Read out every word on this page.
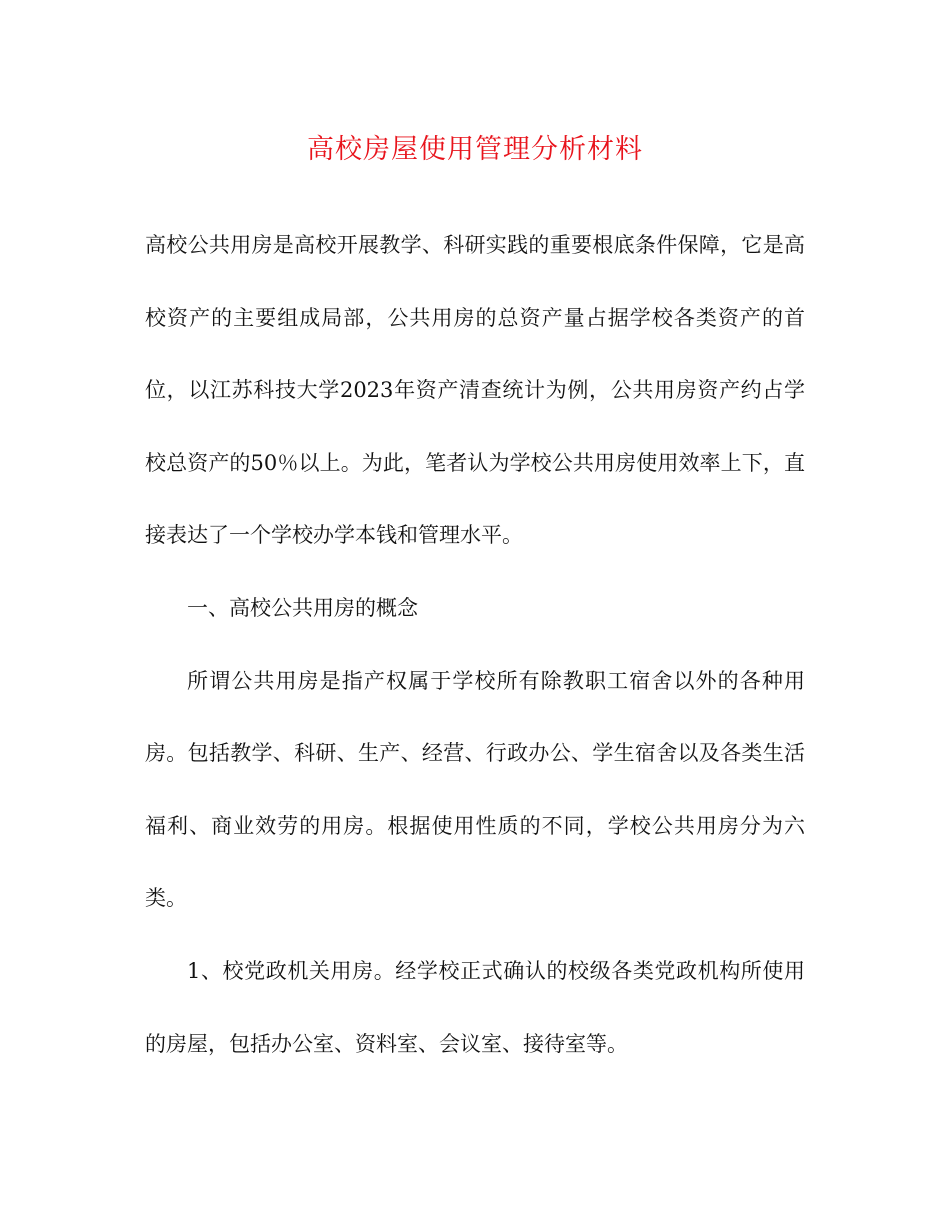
高校房屋使用管理分析材料

高校公共用房是高校开展教学、科研实践的重要根底条件保障，它是高校资产的主要组成局部，公共用房的总资产量占据学校各类资产的首位，以江苏科技大学2023年资产清查统计为例，公共用房资产约占学校总资产的50％以上。为此，笔者认为学校公共用房使用效率上下，直接表达了一个学校办学本钱和管理水平。

一、高校公共用房的概念

所谓公共用房是指产权属于学校所有除教职工宿舍以外的各种用房。包括教学、科研、生产、经营、行政办公、学生宿舍以及各类生活福利、商业效劳的用房。根据使用性质的不同，学校公共用房分为六类。

1、校党政机关用房。经学校正式确认的校级各类党政机构所使用的房屋，包括办公室、资料室、会议室、接待室等。
